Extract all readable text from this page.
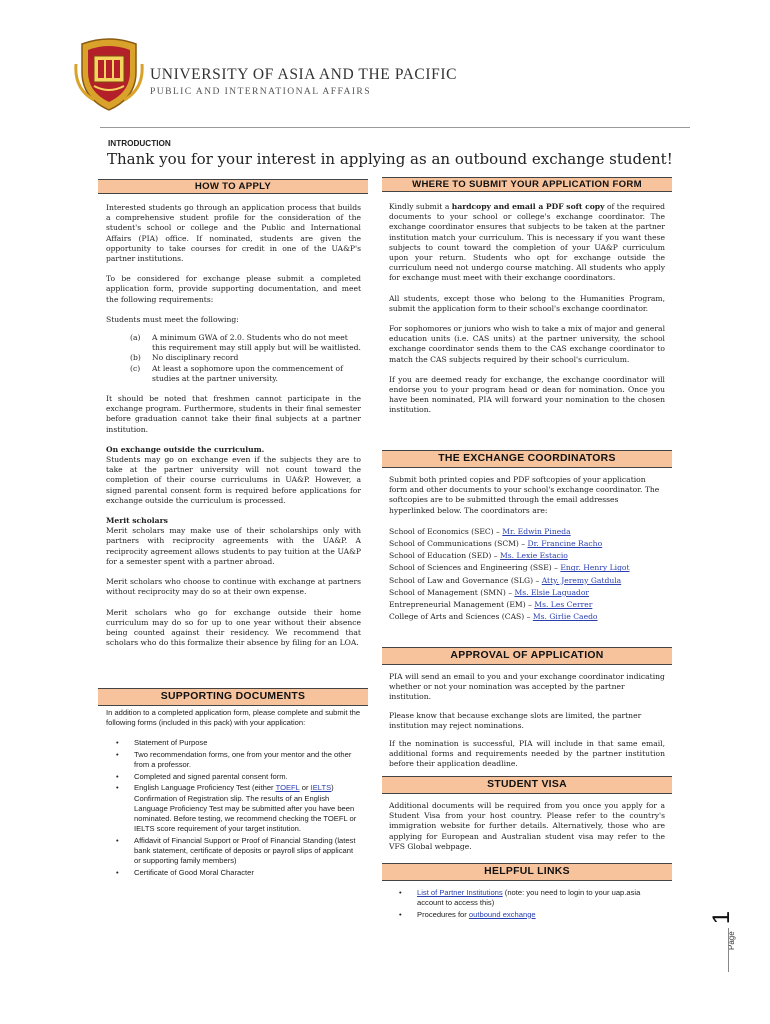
UNIVERSITY OF ASIA AND THE PACIFIC
PUBLIC AND INTERNATIONAL AFFAIRS
INTRODUCTION
Thank you for your interest in applying as an outbound exchange student!
HOW TO APPLY

Interested students go through an application process that builds a comprehensive student profile for the consideration of the student's school or college and the Public and International Affairs (PIA) office. If nominated, students are given the opportunity to take courses for credit in one of the UA&P's partner institutions.

To be considered for exchange please submit a completed application form, provide supporting documentation, and meet the following requirements:

Students must meet the following:

(a) A minimum GWA of 2.0. Students who do not meet this requirement may still apply but will be waitlisted.
(b) No disciplinary record
(c) At least a sophomore upon the commencement of studies at the partner university.

It should be noted that freshmen cannot participate in the exchange program. Furthermore, students in their final semester before graduation cannot take their final subjects at a partner institution.

On exchange outside the curriculum.

Students may go on exchange even if the subjects they are to take at the partner university will not count toward the completion of their course curriculums in UA&P. However, a signed parental consent form is required before applications for exchange outside the curriculum is processed.

Merit scholars

Merit scholars may make use of their scholarships only with partners with reciprocity agreements with the UA&P. A reciprocity agreement allows students to pay tuition at the UA&P for a semester spent with a partner abroad.

Merit scholars who choose to continue with exchange at partners without reciprocity may do so at their own expense.

Merit scholars who go for exchange outside their home curriculum may do so for up to one year without their absence being counted against their residency. We recommend that scholars who do this formalize their absence by filing for an LOA.

SUPPORTING DOCUMENTS

In addition to a completed application form, please complete and submit the following forms (included in this pack) with your application:

• Statement of Purpose
• Two recommendation forms, one from your mentor and the other from a professor.
• Completed and signed parental consent form.
• English Language Proficiency Test (either TOEFL or IELTS) Confirmation of Registration slip. The results of an English Language Proficiency Test may be submitted after you have been nominated. Before testing, we recommend checking the TOEFL or IELTS score requirement of your target institution.
• Affidavit of Financial Support or Proof of Financial Standing (latest bank statement, certificate of deposits or payroll slips of applicant or supporting family members)
• Certificate of Good Moral Character
WHERE TO SUBMIT YOUR APPLICATION FORM

Kindly submit a hardcopy and email a PDF soft copy of the required documents to your school or college's exchange coordinator. The exchange coordinator ensures that subjects to be taken at the partner institution match your curriculum. This is necessary if you want these subjects to count toward the completion of your UA&P curriculum upon your return. Students who opt for exchange outside the curriculum need not undergo course matching. All students who apply for exchange must meet with their exchange coordinators.

All students, except those who belong to the Humanities Program, submit the application form to their school's exchange coordinator.

For sophomores or juniors who wish to take a mix of major and general education units (i.e. CAS units) at the partner university, the school exchange coordinator sends them to the CAS exchange coordinator to match the CAS subjects required by their school's curriculum.

If you are deemed ready for exchange, the exchange coordinator will endorse you to your program head or dean for nomination. Once you have been nominated, PIA will forward your nomination to the chosen institution.

THE EXCHANGE COORDINATORS

Submit both printed copies and PDF softcopies of your application form and other documents to your school's exchange coordinator. The softcopies are to be submitted through the email addresses hyperlinked below. The coordinators are:

School of Economics (SEC) – Mr. Edwin Pineda
School of Communications (SCM) – Dr. Francine Racho
School of Education (SED) – Ms. Lexie Estacio
School of Sciences and Engineering (SSE) – Engr. Henry Ligot
School of Law and Governance (SLG) – Atty. Jeremy Gatdula
School of Management (SMN) – Ms. Elsie Laguador
Entrepreneurial Management (EM) – Ms. Les Cerrer
College of Arts and Sciences (CAS) – Ms. Girlie Caedo
APPROVAL OF APPLICATION

PIA will send an email to you and your exchange coordinator indicating whether or not your nomination was accepted by the partner institution.

Please know that because exchange slots are limited, the partner institution may reject nominations.

If the nomination is successful, PIA will include in that same email, additional forms and requirements needed by the partner institution before their application deadline.

STUDENT VISA

Additional documents will be required from you once you apply for a Student Visa from your host country. Please refer to the country's immigration website for further details. Alternatively, those who are applying for European and Australian student visa may refer to the VFS Global webpage.

HELPFUL LINKS
• List of Partner Institutions (note: you need to login to your uap.asia account to access this)
• Procedures for outbound exchange
Page 1
